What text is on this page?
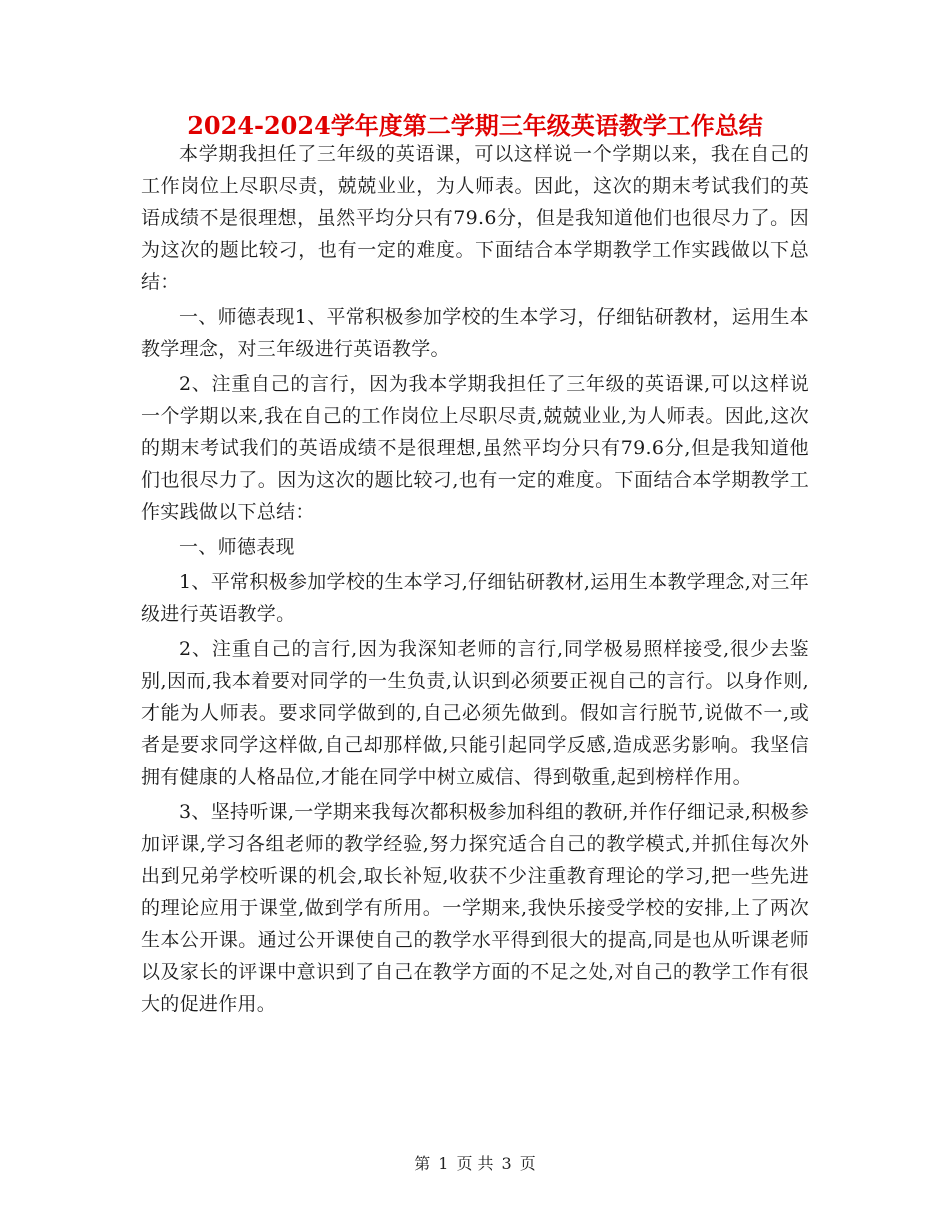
2024-2024学年度第二学期三年级英语教学工作总结

本学期我担任了三年级的英语课，可以这样说一个学期以来，我在自己的工作岗位上尽职尽责，兢兢业业，为人师表。因此，这次的期末考试我们的英语成绩不是很理想，虽然平均分只有79.6分，但是我知道他们也很尽力了。因为这次的题比较刁，也有一定的难度。下面结合本学期教学工作实践做以下总结：

一、师德表现1、平常积极参加学校的生本学习，仔细钻研教材，运用生本教学理念，对三年级进行英语教学。

2、注重自己的言行，因为我本学期我担任了三年级的英语课,可以这样说一个学期以来,我在自己的工作岗位上尽职尽责,兢兢业业,为人师表。因此,这次的期末考试我们的英语成绩不是很理想,虽然平均分只有79.6分,但是我知道他们也很尽力了。因为这次的题比较刁,也有一定的难度。下面结合本学期教学工作实践做以下总结：

一、师德表现

1、平常积极参加学校的生本学习,仔细钻研教材,运用生本教学理念,对三年级进行英语教学。

2、注重自己的言行,因为我深知老师的言行,同学极易照样接受,很少去鉴别,因而,我本着要对同学的一生负责,认识到必须要正视自己的言行。以身作则,才能为人师表。要求同学做到的,自己必须先做到。假如言行脱节,说做不一,或者是要求同学这样做,自己却那样做,只能引起同学反感,造成恶劣影响。我坚信拥有健康的人格品位,才能在同学中树立威信、得到敬重,起到榜样作用。

3、坚持听课,一学期来我每次都积极参加科组的教研,并作仔细记录,积极参加评课,学习各组老师的教学经验,努力探究适合自己的教学模式,并抓住每次外出到兄弟学校听课的机会,取长补短,收获不少注重教育理论的学习,把一些先进的理论应用于课堂,做到学有所用。一学期来,我快乐接受学校的安排,上了两次生本公开课。通过公开课使自己的教学水平得到很大的提高,同是也从听课老师以及家长的评课中意识到了自己在教学方面的不足之处,对自己的教学工作有很大的促进作用。

第 1 页 共 3 页
